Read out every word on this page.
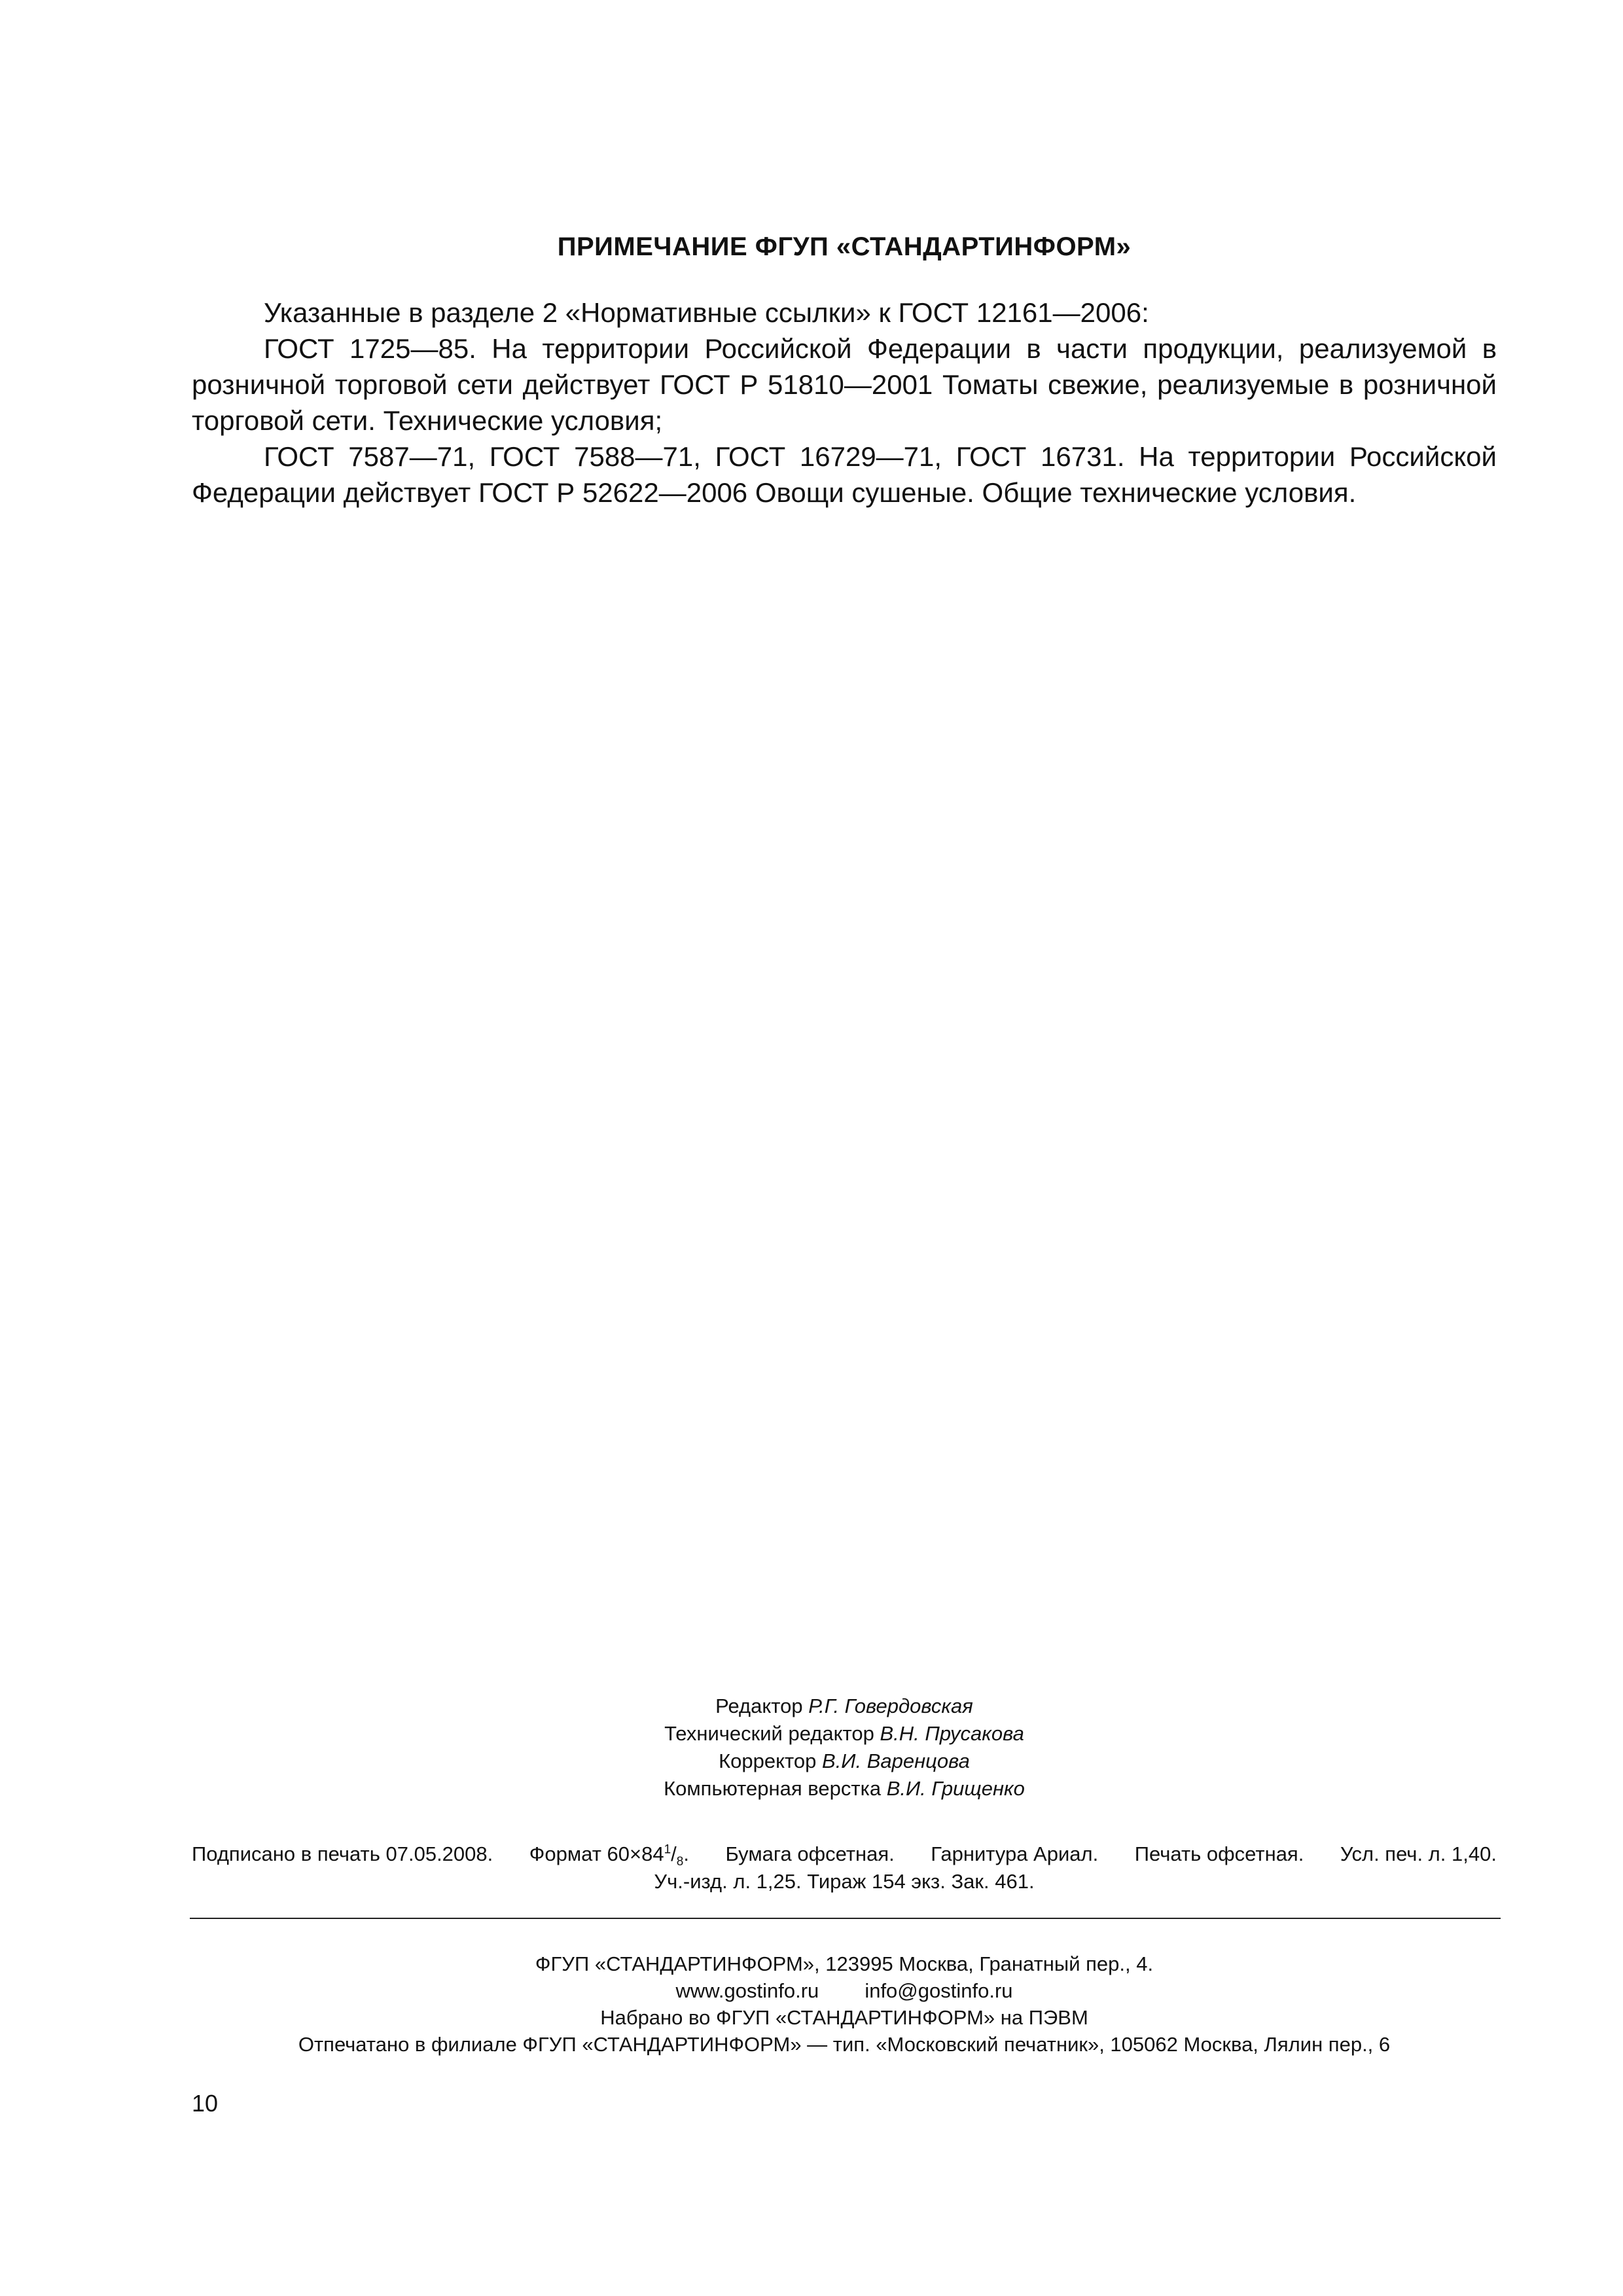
ПРИМЕЧАНИЕ ФГУП «СТАНДАРТИНФОРМ»

Указанные в разделе 2 «Нормативные ссылки» к ГОСТ 12161—2006:

ГОСТ 1725—85. На территории Российской Федерации в части продукции, реализуемой в розничной торговой сети действует ГОСТ Р 51810—2001 Томаты свежие, реализуемые в розничной торговой сети. Технические условия;

ГОСТ 7587—71, ГОСТ 7588—71, ГОСТ 16729—71, ГОСТ 16731. На территории Российской Федерации действует ГОСТ Р 52622—2006 Овощи сушеные. Общие технические условия.

Редактор Р.Г. Говердовская
Технический редактор В.Н. Прусакова
Корректор В.И. Варенцова
Компьютерная верстка В.И. Грищенко
Подписано в печать 07.05.2008. Формат $60\times 84^1/_8$. Бумага офсетная. Гарнитура Ариал. Печать офсетная. Усл. печ. л. 1,40.
Уч.-изд. л. 1,25. Тираж 154 экз. Зак. 461.
ФГУП «СТАНДАРТИНФОРМ», 123995 Москва, Гранатный пер., 4.
www.gostinfo.ru info@gostinfo.ru
Набрано во ФГУП «СТАНДАРТИНФОРМ» на ПЭВМ
Отпечатано в филиале ФГУП «СТАНДАРТИНФОРМ» — тип. «Московский печатник», 105062 Москва, Лялин пер., 6
10
